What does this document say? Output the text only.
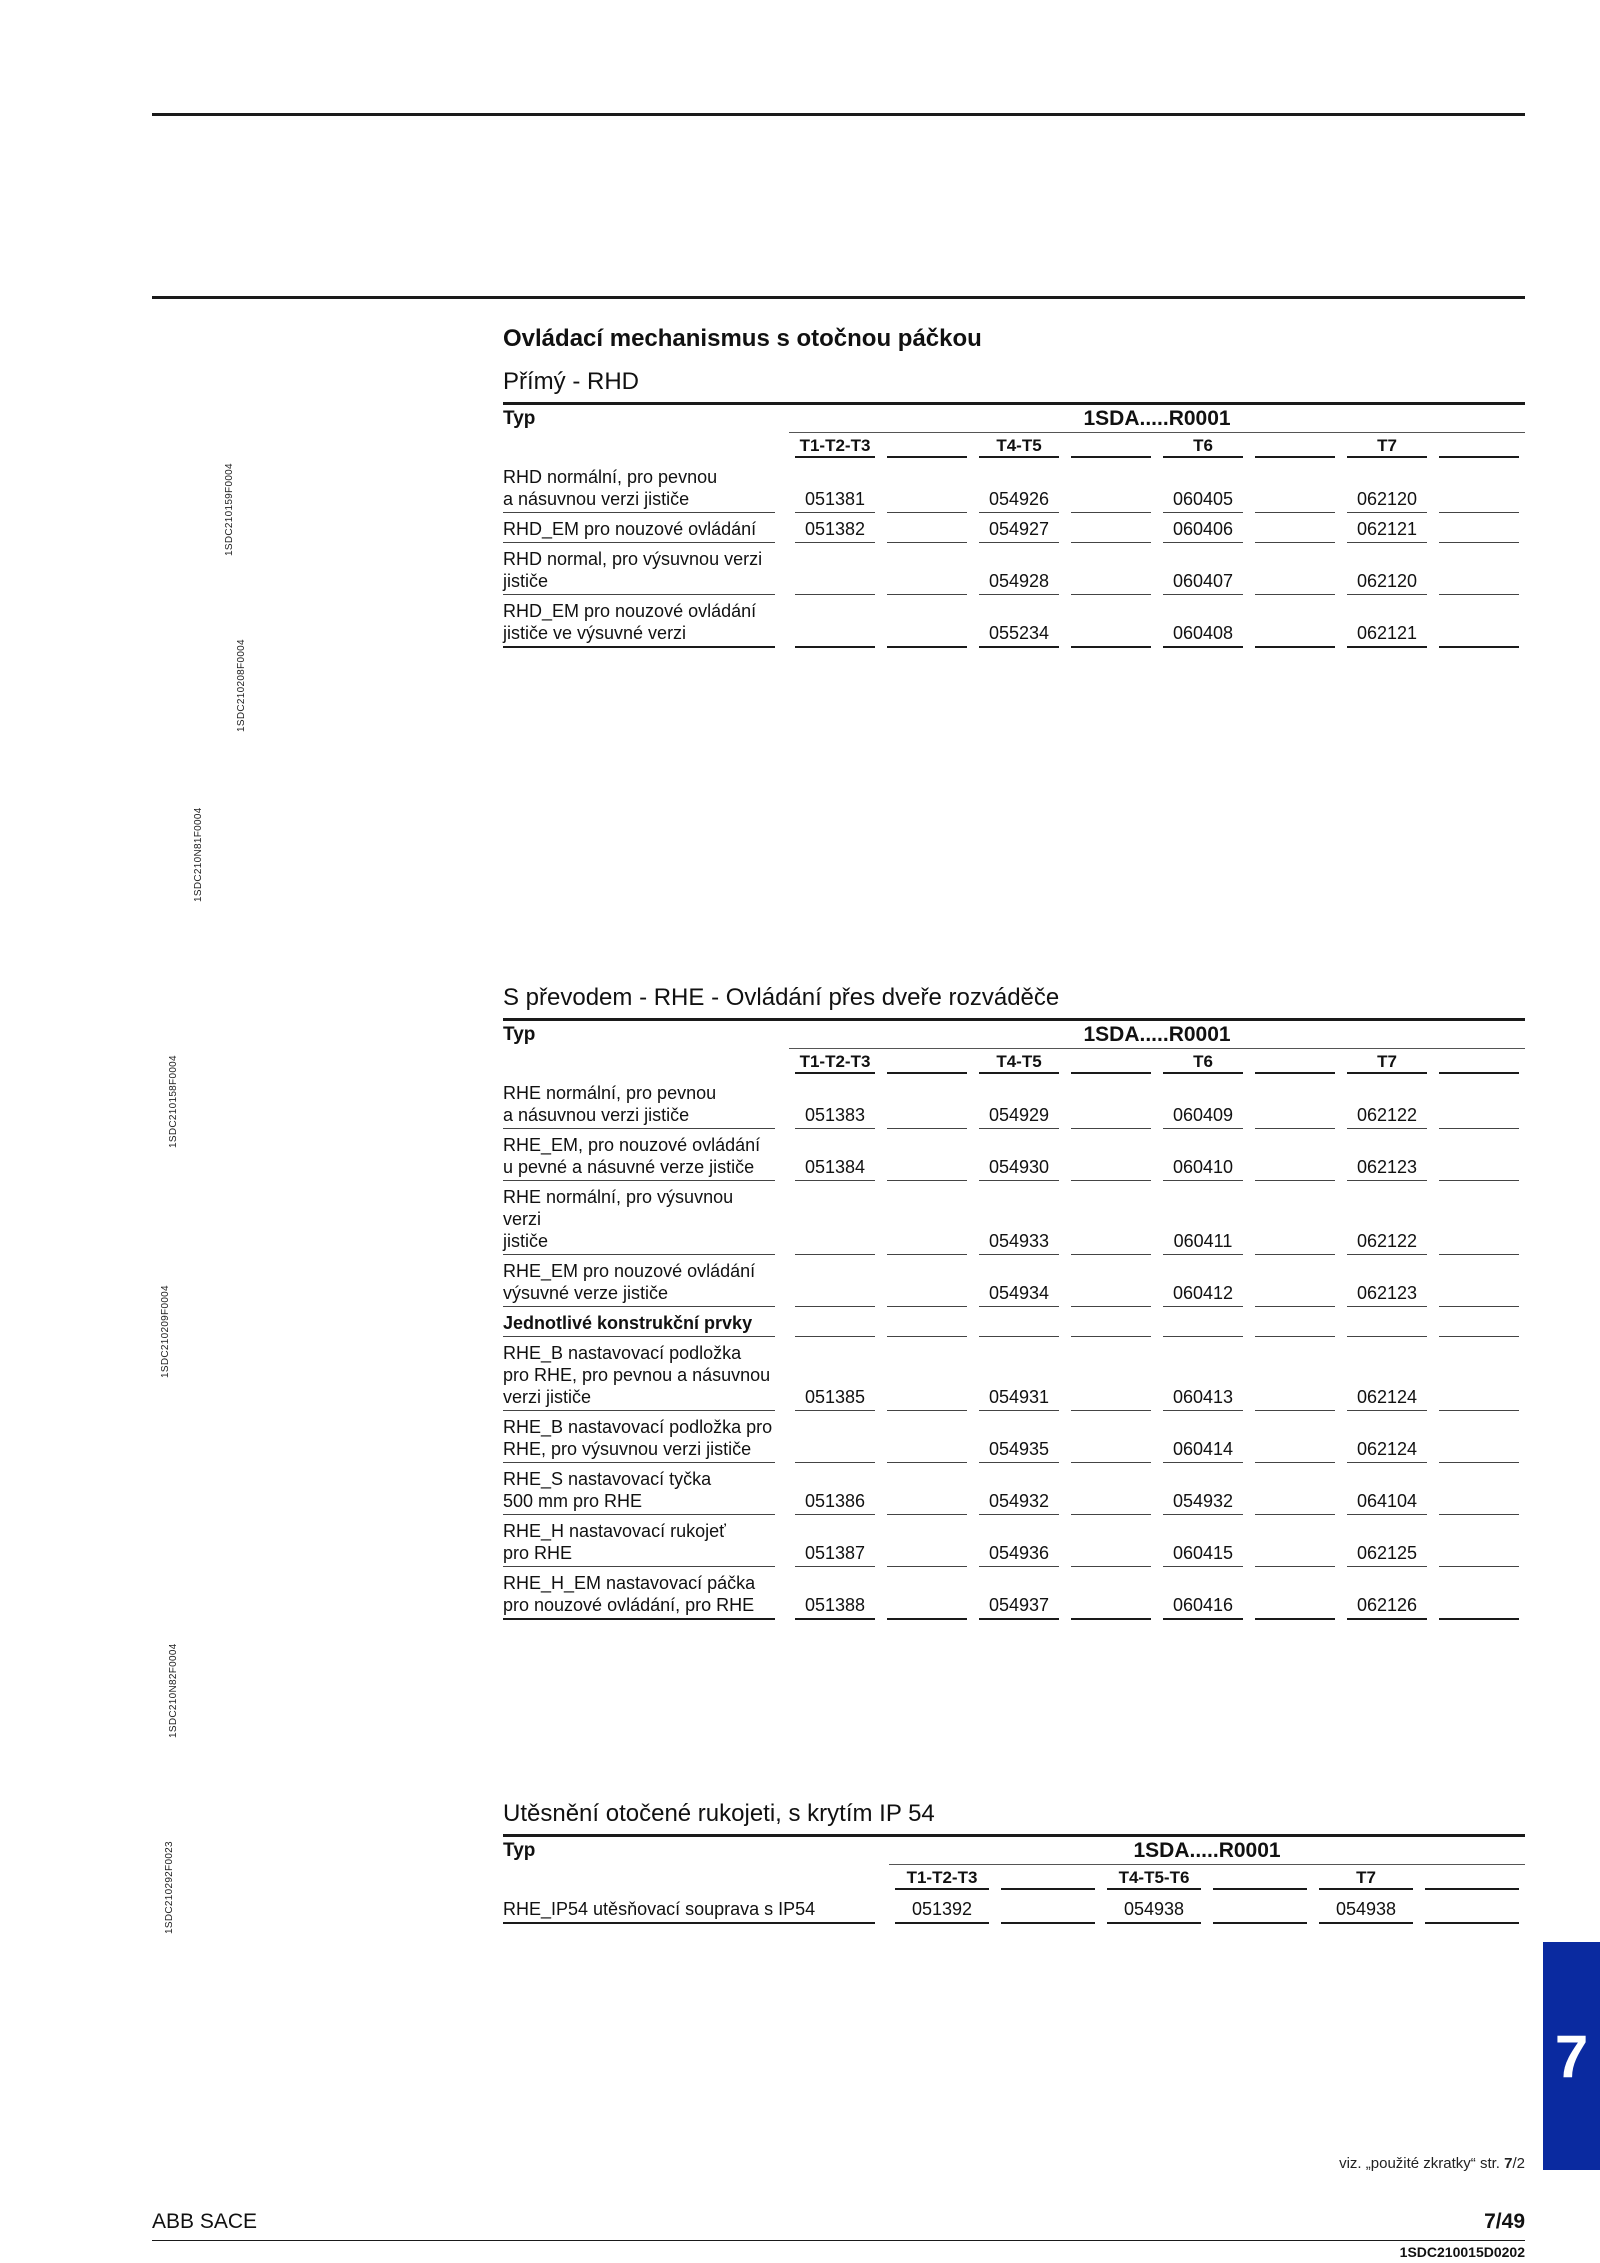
1SDC210159F0004
1SDC210208F0004
1SDC210N81F0004
1SDC210158F0004
1SDC210209F0004
1SDC210N82F0004
1SDC210292F0023
Ovládací mechanismus s otočnou páčkou
Přímý - RHD
Typ	1SDA.....R0001							

	T1-T2-T3		T4-T5		T6		T7	

RHD normální, pro pevnou
a násuvnou verzi jističe	051381		054926		060405		062120	

RHD_EM pro nouzové ovládání	051382		054927		060406		062121	

RHD normal, pro výsuvnou verzi
jističe			054928		060407		062120	

RHD_EM pro nouzové ovládání
jističe ve výsuvné verzi			055234		060408		062121	

S převodem - RHE - Ovládání přes dveře rozváděče
Typ	1SDA.....R0001							

	T1-T2-T3		T4-T5		T6		T7	

RHE normální, pro pevnou
a násuvnou verzi jističe	051383		054929		060409		062122	

RHE_EM, pro nouzové ovládání
u pevné a násuvné verze jističe	051384		054930		060410		062123	

RHE normální, pro výsuvnou verzi
jističe			054933		060411		062122	

RHE_EM pro nouzové ovládání
výsuvné verze jističe			054934		060412		062123	

Jednotlivé konstrukční prvky								

RHE_B nastavovací podložka
pro RHE, pro pevnou a násuvnou
verzi jističe	051385		054931		060413		062124	

RHE_B nastavovací podložka pro
RHE, pro výsuvnou verzi jističe			054935		060414		062124	

RHE_S nastavovací tyčka
500 mm pro RHE	051386		054932		054932		064104	

RHE_H nastavovací rukojeť
pro RHE	051387		054936		060415		062125	

RHE_H_EM nastavovací páčka
pro nouzové ovládání, pro RHE	051388		054937		060416		062126	

Utěsnění otočené rukojeti, s krytím IP 54
Typ	1SDA.....R0001					

	T1-T2-T3		T4-T5-T6		T7	

RHE_IP54 utěsňovací souprava s IP54	051392		054938		054938	

7
viz. „použité zkratky“ str. 7/2
ABB SACE	7/49
1SDC210015D0202
